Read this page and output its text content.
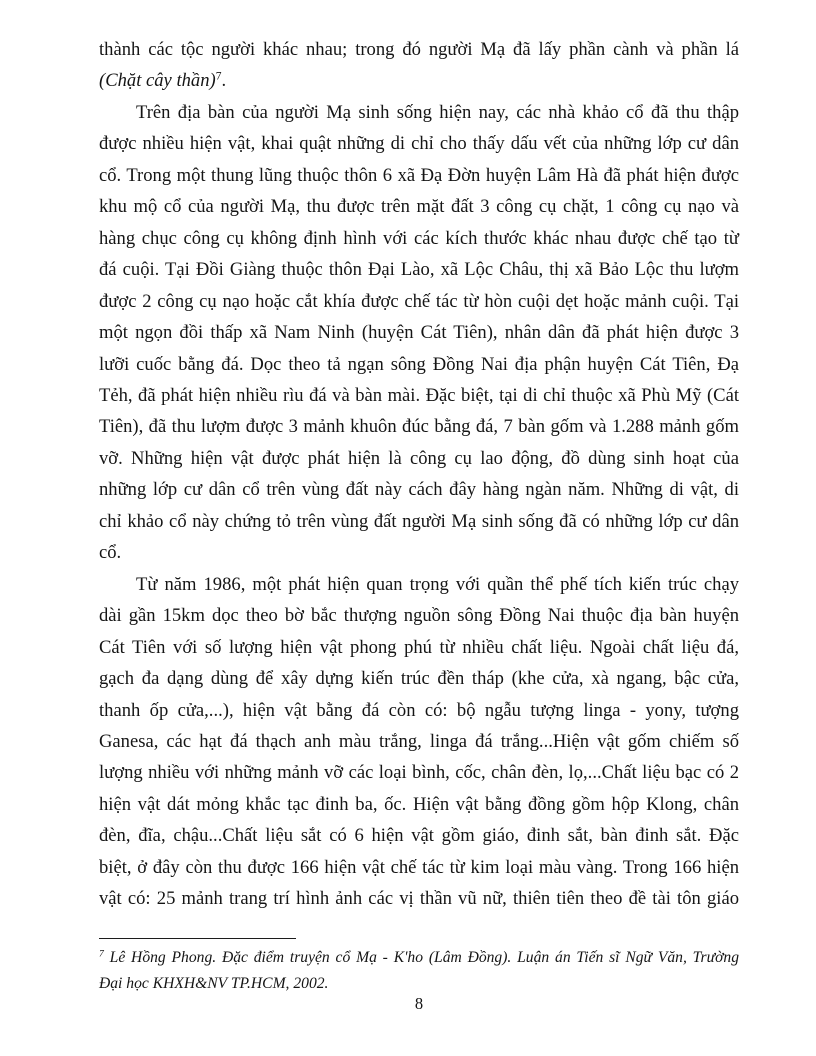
thành các tộc người khác nhau; trong đó người Mạ đã lấy phần cành và phần lá
(Chặt cây thần)$^7$.
Trên địa bàn của người Mạ sinh sống hiện nay, các nhà khảo cổ đã thu thập
được nhiều hiện vật, khai quật những di chỉ cho thấy dấu vết của những lớp cư dân
cổ. Trong một thung lũng thuộc thôn 6 xã Đạ Đờn huyện Lâm Hà đã phát hiện được
khu mộ cổ của người Mạ, thu được trên mặt đất 3 công cụ chặt, 1 công cụ nạo và
hàng chục công cụ không định hình với các kích thước khác nhau được chế tạo từ
đá cuội. Tại Đồi Giàng thuộc thôn Đại Lào, xã Lộc Châu, thị xã Bảo Lộc thu lượm
được 2 công cụ nạo hoặc cắt khía được chế tác từ hòn cuội dẹt hoặc mảnh cuội. Tại
một ngọn đồi thấp xã Nam Ninh (huyện Cát Tiên), nhân dân đã phát hiện được 3
lưỡi cuốc bằng đá. Dọc theo tả ngạn sông Đồng Nai địa phận huyện Cát Tiên, Đạ
Tẻh, đã phát hiện nhiều rìu đá và bàn mài. Đặc biệt, tại di chỉ thuộc xã Phù Mỹ (Cát
Tiên), đã thu lượm được 3 mảnh khuôn đúc bằng đá, 7 bàn gốm và 1.288 mảnh gốm
vỡ. Những hiện vật được phát hiện là công cụ lao động, đồ dùng sinh hoạt của
những lớp cư dân cổ trên vùng đất này cách đây hàng ngàn năm. Những di vật, di
chỉ khảo cổ này chứng tỏ trên vùng đất người Mạ sinh sống đã có những lớp cư dân
cổ.
Từ năm 1986, một phát hiện quan trọng với quần thể phế tích kiến trúc chạy
dài gần 15km dọc theo bờ bắc thượng nguồn sông Đồng Nai thuộc địa bàn huyện
Cát Tiên với số lượng hiện vật phong phú từ nhiều chất liệu. Ngoài chất liệu đá,
gạch đa dạng dùng để xây dựng kiến trúc đền tháp (khe cửa, xà ngang, bậc cửa,
thanh ốp cửa,...), hiện vật bằng đá còn có: bộ ngẫu tượng linga - yony, tượng
Ganesa, các hạt đá thạch anh màu trắng, linga đá trắng...Hiện vật gốm chiếm số
lượng nhiều với những mảnh vỡ các loại bình, cốc, chân đèn, lọ,...Chất liệu bạc có 2
hiện vật dát mỏng khắc tạc đinh ba, ốc. Hiện vật bằng đồng gồm hộp Klong, chân
đèn, đĩa, chậu...Chất liệu sắt có 6 hiện vật gồm giáo, đinh sắt, bàn đinh sắt. Đặc
biệt, ở đây còn thu được 166 hiện vật chế tác từ kim loại màu vàng. Trong 166 hiện
vật có: 25 mảnh trang trí hình ảnh các vị thần vũ nữ, thiên tiên theo đề tài tôn giáo
$^7$ Lê Hồng Phong. Đặc điểm truyện cổ Mạ - K'ho (Lâm Đồng). Luận án Tiến sĩ Ngữ Văn, Trường
Đại học KHXH&NV TP.HCM, 2002.
8
